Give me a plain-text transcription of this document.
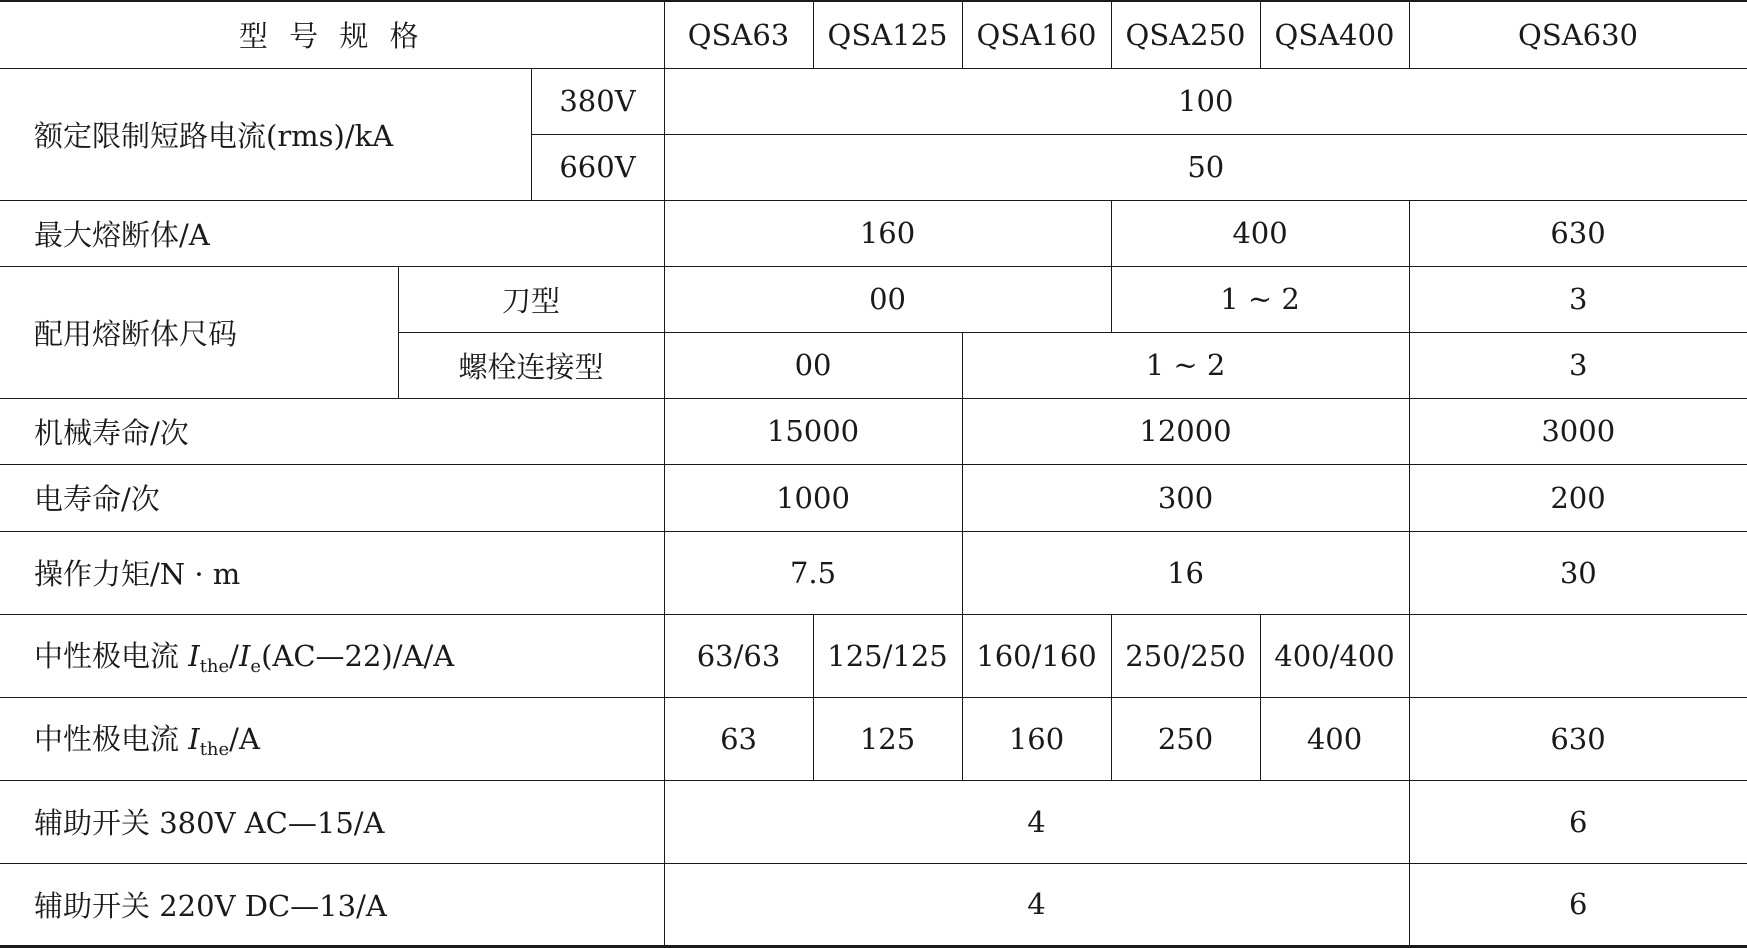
型 号 规 格			QSA63	QSA125	QSA160	QSA250	QSA400	QSA630	
额定限制短路电流(rms)/kA		380V	100						
		660V	50						
最大熔断体/A			160			400		630	
配用熔断体尺码	刀型		00			1 ~ 2		3	
	螺栓连接型		00		1 ~ 2			3	
机械寿命/次			15000		12000			3000	
电寿命/次			1000		300			200	
操作力矩/N · m			7.5		16			30	
中性极电流 $I_{the}/I_e(AC—22)/A/A$			63/63	125/125	160/160	250/250	400/400		
中性极电流 $I_{the}/A$			63	125	160	250	400	630	
辅助开关 380V AC—15/A			4					6	
辅助开关 220V DC—13/A			4					6	
